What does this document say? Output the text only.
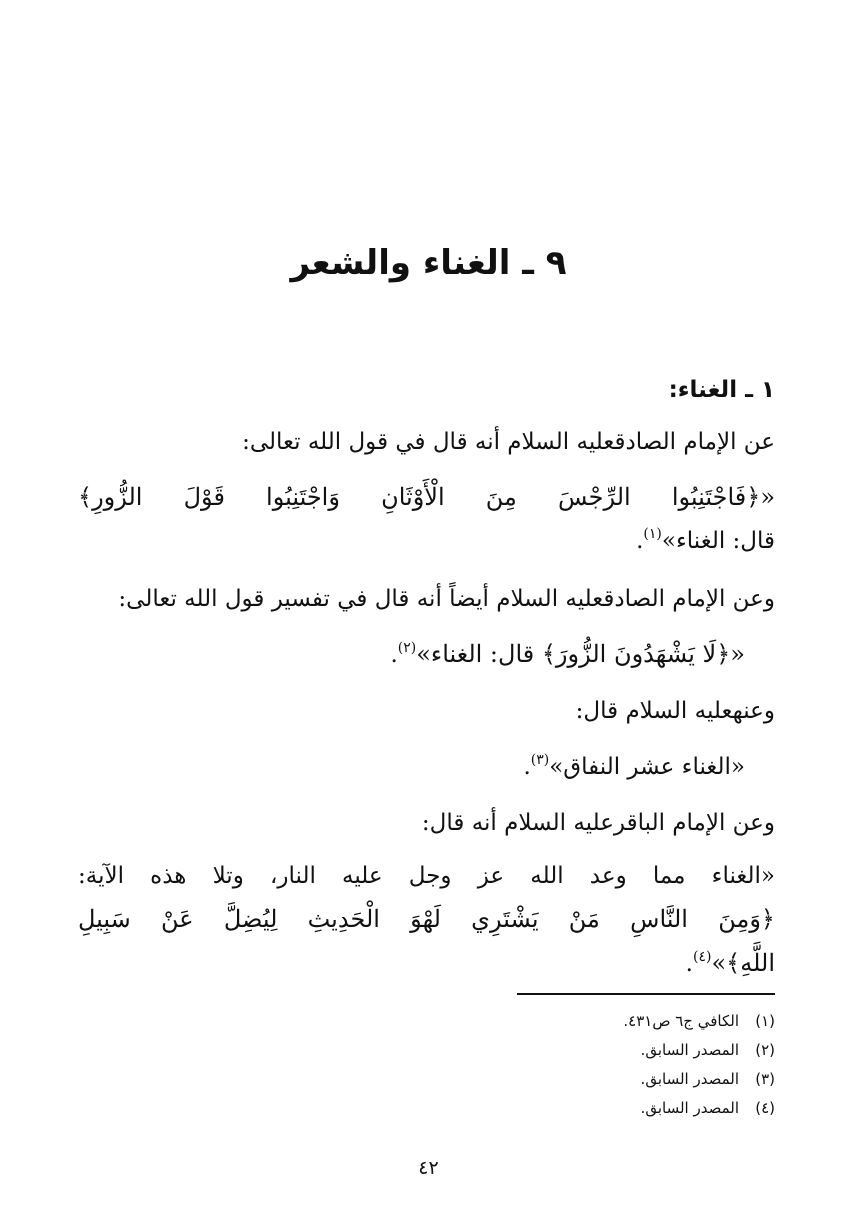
٩ ـ الغناء والشعر
١ ـ الغناء:
عن الإمام الصادقعليه السلام أنه قال في قول الله تعالى:
«﴿فَاجْتَنِبُوا الرِّجْسَ مِنَ الْأَوْثَانِ وَاجْتَنِبُوا قَوْلَ الزُّورِ﴾
قال: الغناء»$^{(١)}$.
وعن الإمام الصادقعليه السلام أيضاً أنه قال في تفسير قول الله تعالى:
«﴿لَا يَشْهَدُونَ الزُّورَ﴾ قال: الغناء»$^{(٢)}$.
وعنهعليه السلام قال:
«الغناء عشر النفاق»$^{(٣)}$.
وعن الإمام الباقرعليه السلام أنه قال:
«الغناء مما وعد الله عز وجل عليه النار، وتلا هذه الآية:
﴿وَمِنَ النَّاسِ مَنْ يَشْتَرِي لَهْوَ الْحَدِيثِ لِيُضِلَّ عَنْ سَبِيلِ
اللَّهِ﴾»$^{(٤)}$.
(١)الكافي ج٦ ص٤٣١.
(٢)المصدر السابق.
(٣)المصدر السابق.
(٤)المصدر السابق.
٤٢
